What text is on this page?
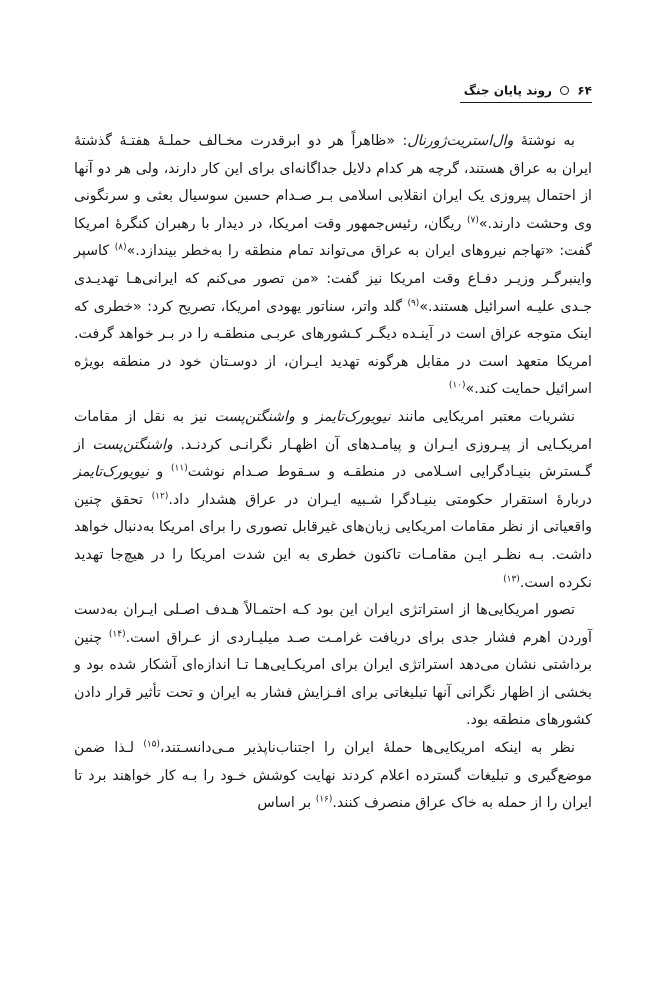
۶۴  روند پایان جنگ

به نوشتهٔ وال‌استریت‌ژورنال: «ظاهراً هر دو ابرقدرت مخـالف حملـهٔ هفتـهٔ گذشتهٔ ایران به عراق هستند، گرچه هر کدام دلایل جداگانه‌ای برای این کار دارند، ولی هر دو آنها از احتمال پیروزی یک ایران انقلابی اسلامی بـر صـدام حسین سوسیال بعثی و سرنگونی وی وحشت دارند.»$^{(۷)}$ ریگان، رئیس‌جمهور وقت امریکا، در دیدار با رهبران کنگرهٔ امریکا گفت: «تهاجم نیروهای ایران به عراق می‌تواند تمام منطقه را به‌خطر بیندازد.»$^{(۸)}$ کاسپر واینبرگـر وزیـر دفـاع وقت امریکا نیز گفت: «من تصور می‌کنم که ایرانی‌هـا تهدیـدی جـدی علیـه اسرائیل هستند.»$^{(۹)}$ گلد واتر، سناتور یهودی امریکا، تصریح کرد: «خطری که اینک متوجه عراق است در آینـده دیگـر کـشورهای عربـی منطقـه را در بـر خواهد گرفت. امریکا متعهد است در مقابل هرگونه تهدید ایـران، از دوسـتان خود در منطقه بویژه اسرائیل حمایت کند.»$^{(۱۰)}$

نشریات معتبر امریکایی مانند نیویورک‌تایمز و واشنگتن‌پست نیز به نقل از مقامات امریکـایی از پیـروزی ایـران و پیامـدهای آن اظهـار نگرانـی کردنـد. واشنگتن‌پست از گـسترش بنیـادگرایی اسـلامی در منطقـه و سـقوط صـدام نوشت$^{(۱۱)}$ و نیویورک‌تایمز دربارهٔ استقرار حکومتی بنیـادگرا شـبیه ایـران در عراق هشدار داد.$^{(۱۲)}$ تحقق چنین واقعیاتی از نظر مقامات امریکایی زیان‌های غیرقابل تصوری را برای امریکا به‌دنبال خواهد داشت. بـه نظـر ایـن مقامـات تاکنون خطری به این شدت امریکا را در هیچ‌جا تهدید نکرده است.$^{(۱۳)}$

تصور امریکایی‌ها از استراتژی ایران این بود کـه احتمـالاً هـدف اصـلی ایـران به‌دست آوردن اهرم فشار جدی برای دریافت غرامـت صـد میلیـاردی از عـراق است.$^{(۱۴)}$ چنین برداشتی نشان می‌دهد استراتژی ایران برای امریکـایی‌هـا تـا اندازه‌ای آشکار شده بود و بخشی از اظهار نگرانی آنها تبلیغاتی برای افـزایش فشار به ایران و تحت تأثیر قرار دادن کشورهای منطقه بود.

نظر به اینکه امریکایی‌ها حملهٔ ایران را اجتناب‌ناپذیر مـی‌دانسـتند،$^{(۱۵)}$ لـذا ضمن موضع‌گیری و تبلیغات گسترده اعلام کردند نهایت کوشش خـود را بـه کار خواهند برد تا ایران را از حمله به خاک عراق منصرف کنند.$^{(۱۶)}$ بر اساس
